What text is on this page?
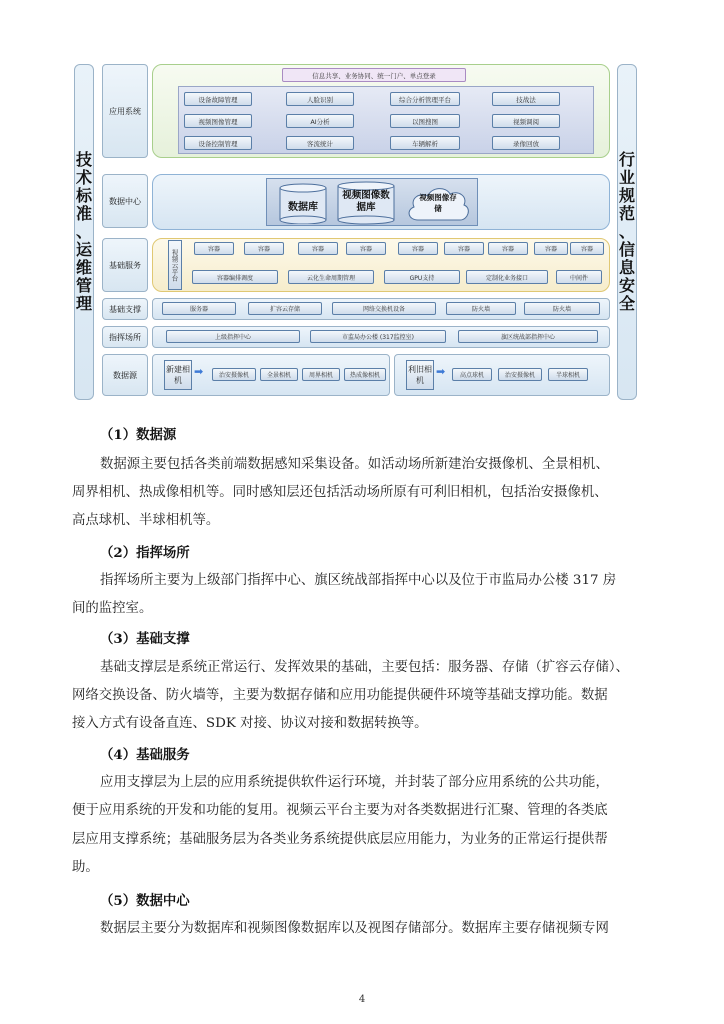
技
术
标
准
、
运
维
管
理
行
业
规
范
、
信
息
安
全
应用系统
信息共享、业务协同、统一门户、单点登录
设备故障管理	人脸识别	综合分析管理平台	技战法
视频图像管理	AI分析	以图搜图	视频调阅
设备控制管理	客流统计	车辆解析	录像回放
数据中心
数据库
视频图像数据库
视频图像存储
基础服务	视频云平台	容器	容器	容器	容器	容器	容器	容器	容器	容器
容器编排调度	云化生命周期管理	GPU支持	定制化业务接口	中间件
基础支撑	服务器	扩容云存储	网络交换机设备	防火墙	防火墙
指挥场所	上级指挥中心	市监局办公楼 (317监控室)	旗区统战部指挥中心
数据源
新建相机
➡	治安摄像机	全景相机	周界相机	热成像相机
利旧相机
➡	高点球机	治安摄像机	半球相机
（1）数据源
数据源主要包括各类前端数据感知采集设备。如活动场所新建治安摄像机、全景相机、
周界相机、热成像相机等。同时感知层还包括活动场所原有可利旧相机，包括治安摄像机、
高点球机、半球相机等。
（2）指挥场所
指挥场所主要为上级部门指挥中心、旗区统战部指挥中心以及位于市监局办公楼 317 房
间的监控室。
（3）基础支撑
基础支撑层是系统正常运行、发挥效果的基础，主要包括：服务器、存储（扩容云存储）、
网络交换设备、防火墙等，主要为数据存储和应用功能提供硬件环境等基础支撑功能。数据
接入方式有设备直连、SDK 对接、协议对接和数据转换等。
（4）基础服务
应用支撑层为上层的应用系统提供软件运行环境，并封装了部分应用系统的公共功能，
便于应用系统的开发和功能的复用。视频云平台主要为对各类数据进行汇聚、管理的各类底
层应用支撑系统；基础服务层为各类业务系统提供底层应用能力，为业务的正常运行提供帮
助。
（5）数据中心
数据层主要分为数据库和视频图像数据库以及视图存储部分。数据库主要存储视频专网
4
